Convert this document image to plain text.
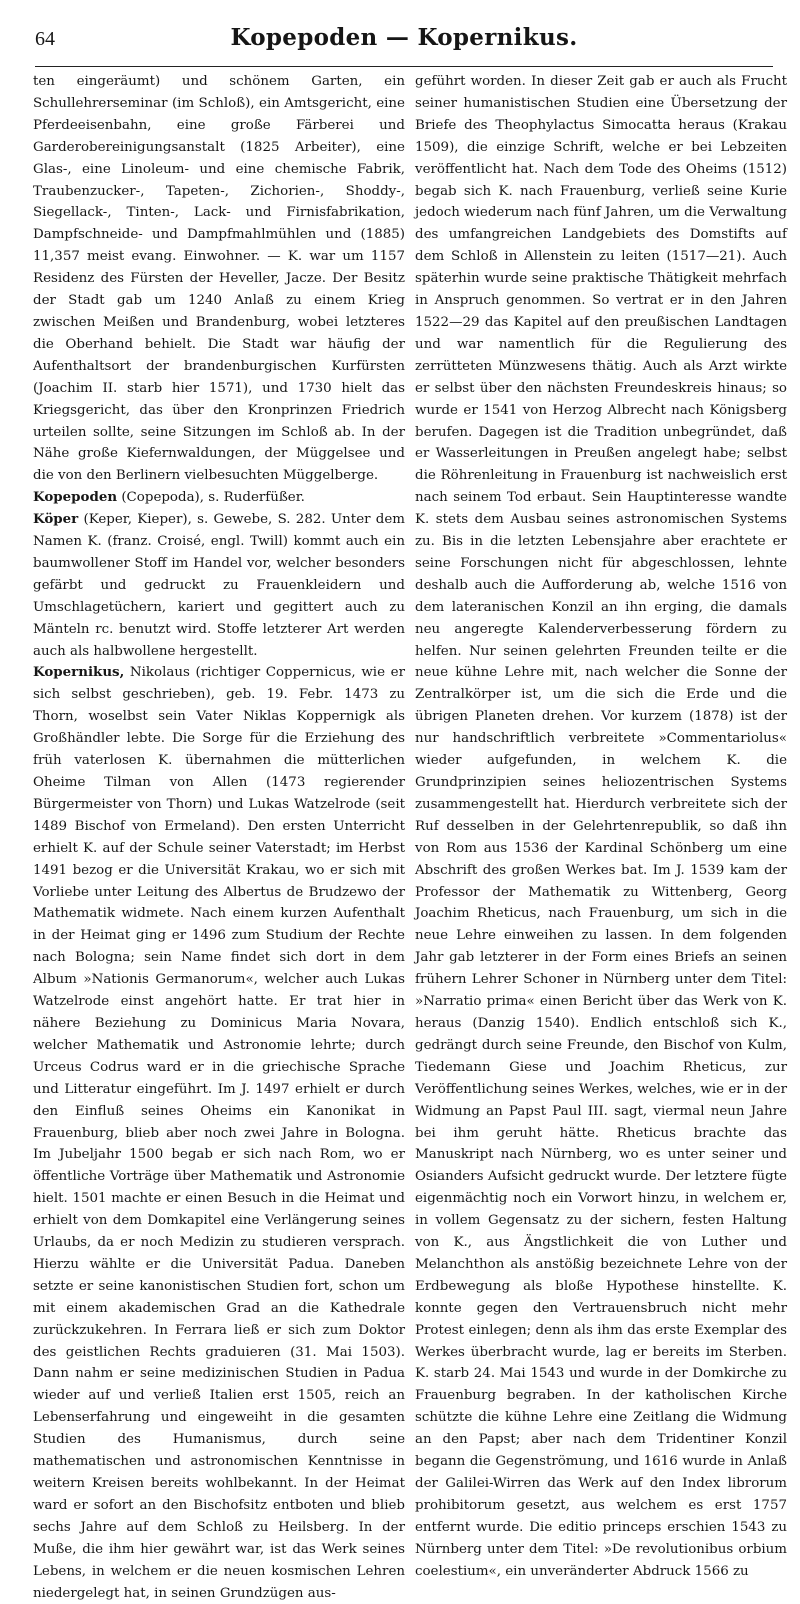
64	Kopepoden — Kopernikus.

ten eingeräumt) und schönem Garten, ein Schullehrerseminar (im Schloß), ein Amtsgericht, eine Pferdeeisenbahn, eine große Färberei und Garderobereinigungsanstalt (1825 Arbeiter), eine Glas-, eine Linoleum- und eine chemische Fabrik, Traubenzucker-, Tapeten-, Zichorien-, Shoddy-, Siegellack-, Tinten-, Lack- und Firnisfabrikation, Dampfschneide- und Dampfmahlmühlen und (1885) 11,357 meist evang. Einwohner. — K. war um 1157 Residenz des Fürsten der Heveller, Jacze. Der Besitz der Stadt gab um 1240 Anlaß zu einem Krieg zwischen Meißen und Brandenburg, wobei letzteres die Oberhand behielt. Die Stadt war häufig der Aufenthaltsort der brandenburgischen Kurfürsten (Joachim II. starb hier 1571), und 1730 hielt das Kriegsgericht, das über den Kronprinzen Friedrich urteilen sollte, seine Sitzungen im Schloß ab. In der Nähe große Kiefernwaldungen, der Müggelsee und die von den Berlinern vielbesuchten Müggelberge.

Kopepoden (Copepoda), s. Ruderfüßer.

Köper (Keper, Kieper), s. Gewebe, S. 282. Unter dem Namen K. (franz. Croisé, engl. Twill) kommt auch ein baumwollener Stoff im Handel vor, welcher besonders gefärbt und gedruckt zu Frauenkleidern und Umschlagetüchern, kariert und gegittert auch zu Mänteln rc. benutzt wird. Stoffe letzterer Art werden auch als halbwollene hergestellt.

Kopernikus, Nikolaus (richtiger Coppernicus, wie er sich selbst geschrieben), geb. 19. Febr. 1473 zu Thorn, woselbst sein Vater Niklas Koppernigk als Großhändler lebte. Die Sorge für die Erziehung des früh vaterlosen K. übernahmen die mütterlichen Oheime Tilman von Allen (1473 regierender Bürgermeister von Thorn) und Lukas Watzelrode (seit 1489 Bischof von Ermeland). Den ersten Unterricht erhielt K. auf der Schule seiner Vaterstadt; im Herbst 1491 bezog er die Universität Krakau, wo er sich mit Vorliebe unter Leitung des Albertus de Brudzewo der Mathematik widmete. Nach einem kurzen Aufenthalt in der Heimat ging er 1496 zum Studium der Rechte nach Bologna; sein Name findet sich dort in dem Album »Nationis Germanorum«, welcher auch Lukas Watzelrode einst angehört hatte. Er trat hier in nähere Beziehung zu Dominicus Maria Novara, welcher Mathematik und Astronomie lehrte; durch Urceus Codrus ward er in die griechische Sprache und Litteratur eingeführt. Im J. 1497 erhielt er durch den Einfluß seines Oheims ein Kanonikat in Frauenburg, blieb aber noch zwei Jahre in Bologna. Im Jubeljahr 1500 begab er sich nach Rom, wo er öffentliche Vorträge über Mathematik und Astronomie hielt. 1501 machte er einen Besuch in die Heimat und erhielt von dem Domkapitel eine Verlängerung seines Urlaubs, da er noch Medizin zu studieren versprach. Hierzu wählte er die Universität Padua. Daneben setzte er seine kanonistischen Studien fort, schon um mit einem akademischen Grad an die Kathedrale zurückzukehren. In Ferrara ließ er sich zum Doktor des geistlichen Rechts graduieren (31. Mai 1503). Dann nahm er seine medizinischen Studien in Padua wieder auf und verließ Italien erst 1505, reich an Lebenserfahrung und eingeweiht in die gesamten Studien des Humanismus, durch seine mathematischen und astronomischen Kenntnisse in weitern Kreisen bereits wohlbekannt. In der Heimat ward er sofort an den Bischofsitz entboten und blieb sechs Jahre auf dem Schloß zu Heilsberg. In der Muße, die ihm hier gewährt war, ist das Werk seines Lebens, in welchem er die neuen kosmischen Lehren niedergelegt hat, in seinen Grundzügen aus-

geführt worden. In dieser Zeit gab er auch als Frucht seiner humanistischen Studien eine Übersetzung der Briefe des Theophylactus Simocatta heraus (Krakau 1509), die einzige Schrift, welche er bei Lebzeiten veröffentlicht hat. Nach dem Tode des Oheims (1512) begab sich K. nach Frauenburg, verließ seine Kurie jedoch wiederum nach fünf Jahren, um die Verwaltung des umfangreichen Landgebiets des Domstifts auf dem Schloß in Allenstein zu leiten (1517—21). Auch späterhin wurde seine praktische Thätigkeit mehrfach in Anspruch genommen. So vertrat er in den Jahren 1522—29 das Kapitel auf den preußischen Landtagen und war namentlich für die Regulierung des zerrütteten Münzwesens thätig. Auch als Arzt wirkte er selbst über den nächsten Freundeskreis hinaus; so wurde er 1541 von Herzog Albrecht nach Königsberg berufen. Dagegen ist die Tradition unbegründet, daß er Wasserleitungen in Preußen angelegt habe; selbst die Röhrenleitung in Frauenburg ist nachweislich erst nach seinem Tod erbaut. Sein Hauptinteresse wandte K. stets dem Ausbau seines astronomischen Systems zu. Bis in die letzten Lebensjahre aber erachtete er seine Forschungen nicht für abgeschlossen, lehnte deshalb auch die Aufforderung ab, welche 1516 von dem lateranischen Konzil an ihn erging, die damals neu angeregte Kalenderverbesserung fördern zu helfen. Nur seinen gelehrten Freunden teilte er die neue kühne Lehre mit, nach welcher die Sonne der Zentralkörper ist, um die sich die Erde und die übrigen Planeten drehen. Vor kurzem (1878) ist der nur handschriftlich verbreitete »Commentariolus« wieder aufgefunden, in welchem K. die Grundprinzipien seines heliozentrischen Systems zusammengestellt hat. Hierdurch verbreitete sich der Ruf desselben in der Gelehrtenrepublik, so daß ihn von Rom aus 1536 der Kardinal Schönberg um eine Abschrift des großen Werkes bat. Im J. 1539 kam der Professor der Mathematik zu Wittenberg, Georg Joachim Rheticus, nach Frauenburg, um sich in die neue Lehre einweihen zu lassen. In dem folgenden Jahr gab letzterer in der Form eines Briefs an seinen frühern Lehrer Schoner in Nürnberg unter dem Titel: »Narratio prima« einen Bericht über das Werk von K. heraus (Danzig 1540). Endlich entschloß sich K., gedrängt durch seine Freunde, den Bischof von Kulm, Tiedemann Giese und Joachim Rheticus, zur Veröffentlichung seines Werkes, welches, wie er in der Widmung an Papst Paul III. sagt, viermal neun Jahre bei ihm geruht hätte. Rheticus brachte das Manuskript nach Nürnberg, wo es unter seiner und Osianders Aufsicht gedruckt wurde. Der letztere fügte eigenmächtig noch ein Vorwort hinzu, in welchem er, in vollem Gegensatz zu der sichern, festen Haltung von K., aus Ängstlichkeit die von Luther und Melanchthon als anstößig bezeichnete Lehre von der Erdbewegung als bloße Hypothese hinstellte. K. konnte gegen den Vertrauensbruch nicht mehr Protest einlegen; denn als ihm das erste Exemplar des Werkes überbracht wurde, lag er bereits im Sterben. K. starb 24. Mai 1543 und wurde in der Domkirche zu Frauenburg begraben. In der katholischen Kirche schützte die kühne Lehre eine Zeitlang die Widmung an den Papst; aber nach dem Tridentiner Konzil begann die Gegenströmung, und 1616 wurde in Anlaß der Galilei-Wirren das Werk auf den Index librorum prohibitorum gesetzt, aus welchem es erst 1757 entfernt wurde. Die editio princeps erschien 1543 zu Nürnberg unter dem Titel: »De revolutionibus orbium coelestium«, ein unveränderter Abdruck 1566 zu
